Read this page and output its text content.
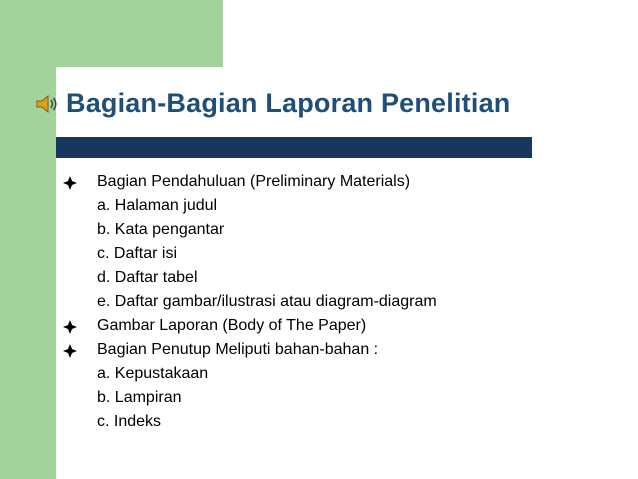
Bagian-Bagian Laporan Penelitian
Bagian Pendahuluan (Preliminary Materials)
a. Halaman judul
b. Kata pengantar
c. Daftar isi
d. Daftar tabel
e. Daftar gambar/ilustrasi atau diagram-diagram
Gambar Laporan (Body of The Paper)
Bagian Penutup Meliputi bahan-bahan :
a. Kepustakaan
b. Lampiran
c. Indeks
